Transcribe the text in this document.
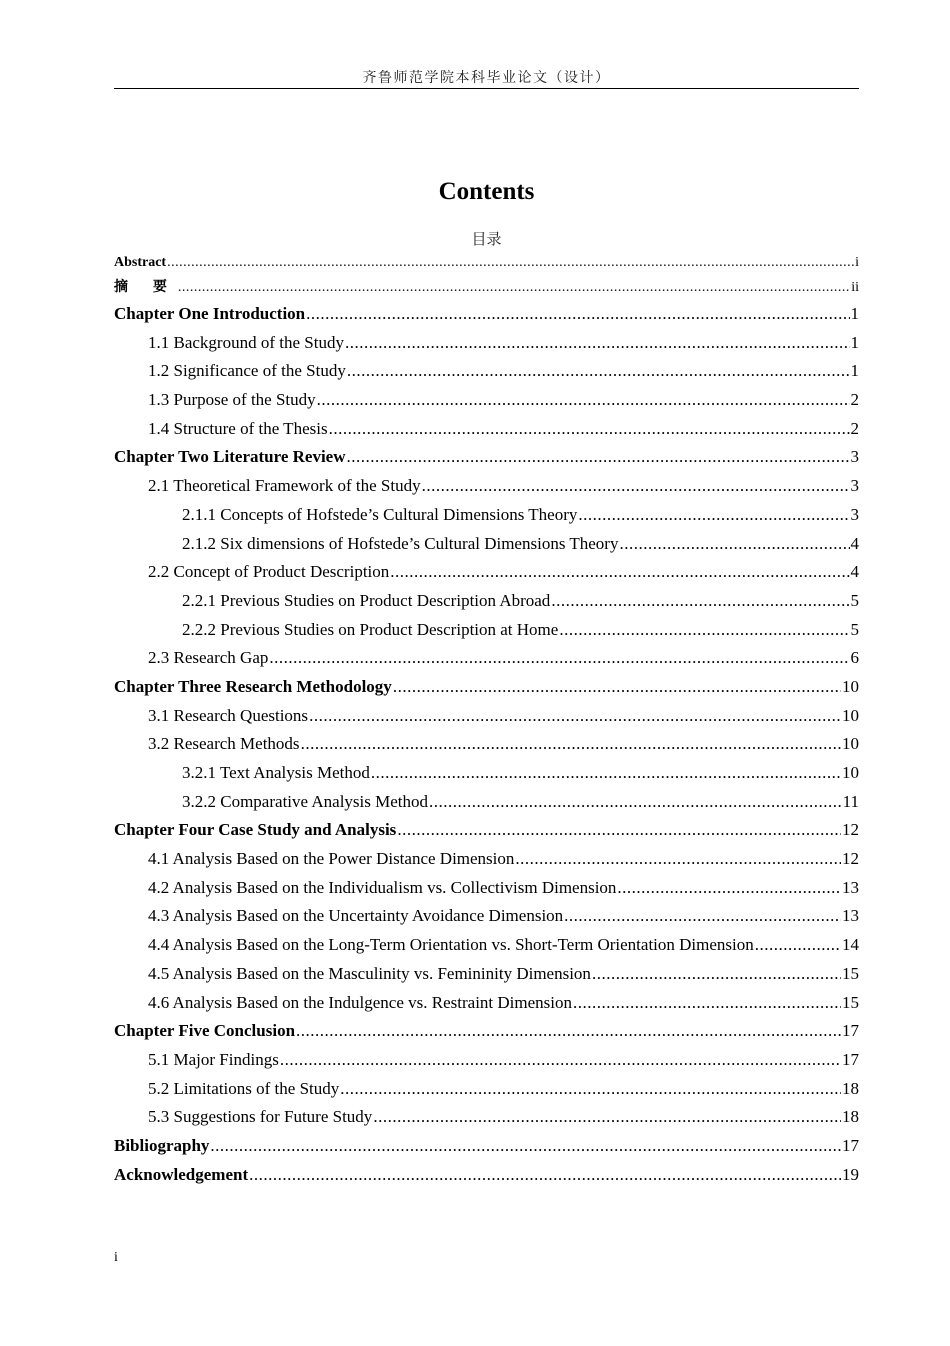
齐鲁师范学院本科毕业论文（设计）
Contents
目录
Abstract .....	i
摘 要 .....	ii
Chapter One Introduction .....	1
1.1 Background of the Study .....	1
1.2 Significance of the Study .....	1
1.3 Purpose of the Study .....	2
1.4 Structure of the Thesis .....	2
Chapter Two Literature Review .....	3
2.1 Theoretical Framework of the Study .....	3
2.1.1 Concepts of Hofstede’s Cultural Dimensions Theory .....	3
2.1.2 Six dimensions of Hofstede’s Cultural Dimensions Theory .....	4
2.2 Concept of Product Description .....	4
2.2.1 Previous Studies on Product Description Abroad .....	5
2.2.2 Previous Studies on Product Description at Home .....	5
2.3 Research Gap .....	6
Chapter Three Research Methodology .....	10
3.1 Research Questions .....	10
3.2 Research Methods .....	10
3.2.1 Text Analysis Method .....	10
3.2.2 Comparative Analysis Method .....	11
Chapter Four Case Study and Analysis .....	12
4.1 Analysis Based on the Power Distance Dimension .....	12
4.2 Analysis Based on the Individualism vs. Collectivism Dimension .....	13
4.3 Analysis Based on the Uncertainty Avoidance Dimension .....	13
4.4 Analysis Based on the Long-Term Orientation vs. Short-Term Orientation Dimension .....	14
4.5 Analysis Based on the Masculinity vs. Femininity Dimension .....	15
4.6 Analysis Based on the Indulgence vs. Restraint Dimension .....	15
Chapter Five Conclusion .....	17
5.1 Major Findings .....	17
5.2 Limitations of the Study .....	18
5.3 Suggestions for Future Study .....	18
Bibliography .....	17
Acknowledgement .....	19
i
